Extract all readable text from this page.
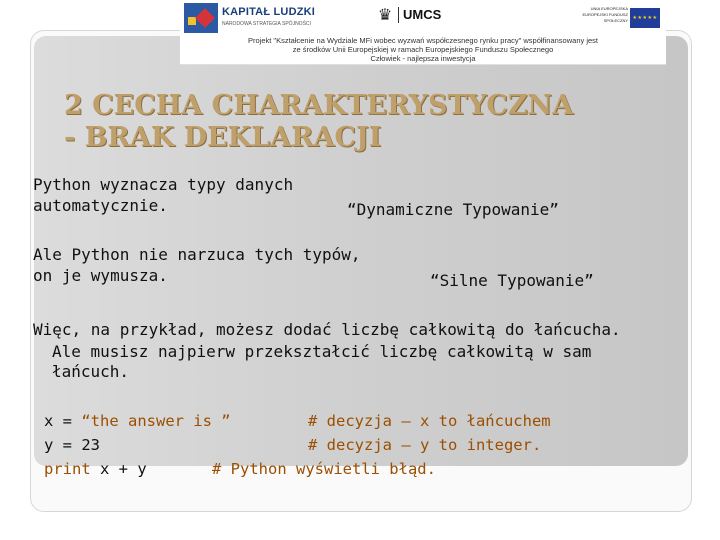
KAPITAŁ LUDZKI
NARODOWA STRATEGIA SPÓJNOŚCI	♛ UMCS	UNIA EUROPEJSKA EUROPEJSKI FUNDUSZ SPOŁECZNY ★★★★★
Projekt "Kształcenie na Wydziale MFi wobec wyzwań współczesnego rynku pracy" współfinansowany jest
ze środków Unii Europejskiej w ramach Europejskiego Funduszu Społecznego
Człowiek - najlepsza inwestycja
2 CECHA CHARAKTERYSTYCZNA
- BRAK DEKLARACJI
Python wyznacza typy danych
automatycznie.	“Dynamiczne Typowanie”
Ale Python nie narzuca tych typów,
on je wymusza.	“Silne Typowanie”
Więc, na przykład, możesz dodać liczbę całkowitą do łańcucha.
Ale musisz najpierw przekształcić liczbę całkowitą w sam
łańcuch.
x = “the answer is ”	# decyzja – x to łańcuchem
y = 23	# decyzja – y to integer.
print x + y	# Python wyświetli błąd.
